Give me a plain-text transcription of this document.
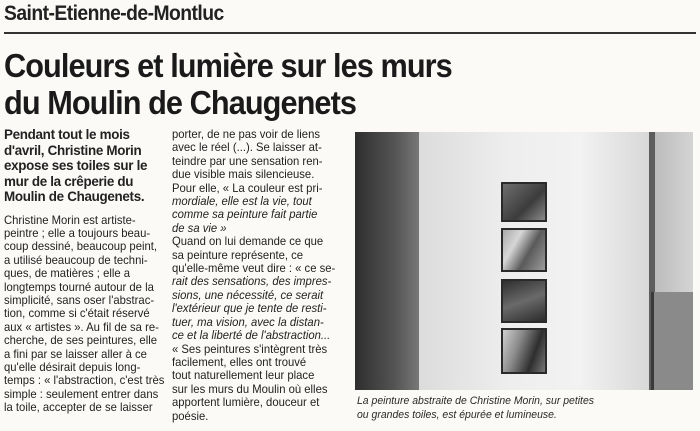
Saint-Etienne-de-Montluc
Couleurs et lumière sur les murs
du Moulin de Chaugenets
Pendant tout le mois
d'avril, Christine Morin
expose ses toiles sur le
mur de la crêperie du
Moulin de Chaugenets.
Christine Morin est artiste-
peintre ; elle a toujours beau-
coup dessiné, beaucoup peint,
a utilisé beaucoup de techni-
ques, de matières ; elle a
longtemps tourné autour de la
simplicité, sans oser l'abstrac-
tion, comme si c'était réservé
aux « artistes ». Au fil de sa re-
cherche, de ses peintures, elle
a fini par se laisser aller à ce
qu'elle désirait depuis long-
temps : « l'abstraction, c'est très
simple : seulement entrer dans
la toile, accepter de se laisser
porter, de ne pas voir de liens
avec le réel (...). Se laisser at-
teindre par une sensation ren-
due visible mais silencieuse.
Pour elle, « La couleur est pri-
mordiale, elle est la vie, tout
comme sa peinture fait partie
de sa vie »
Quand on lui demande ce que
sa peinture représente, ce
qu'elle-même veut dire : « ce se-
rait des sensations, des impres-
sions, une nécessité, ce serait
l'extérieur que je tente de resti-
tuer, ma vision, avec la distan-
ce et la liberté de l'abstraction...
« Ses peintures s'intègrent très
facilement, elles ont trouvé
tout naturellement leur place
sur les murs du Moulin où elles
apportent lumière, douceur et
poésie.
La peinture abstraite de Christine Morin, sur petites
ou grandes toiles, est épurée et lumineuse.
